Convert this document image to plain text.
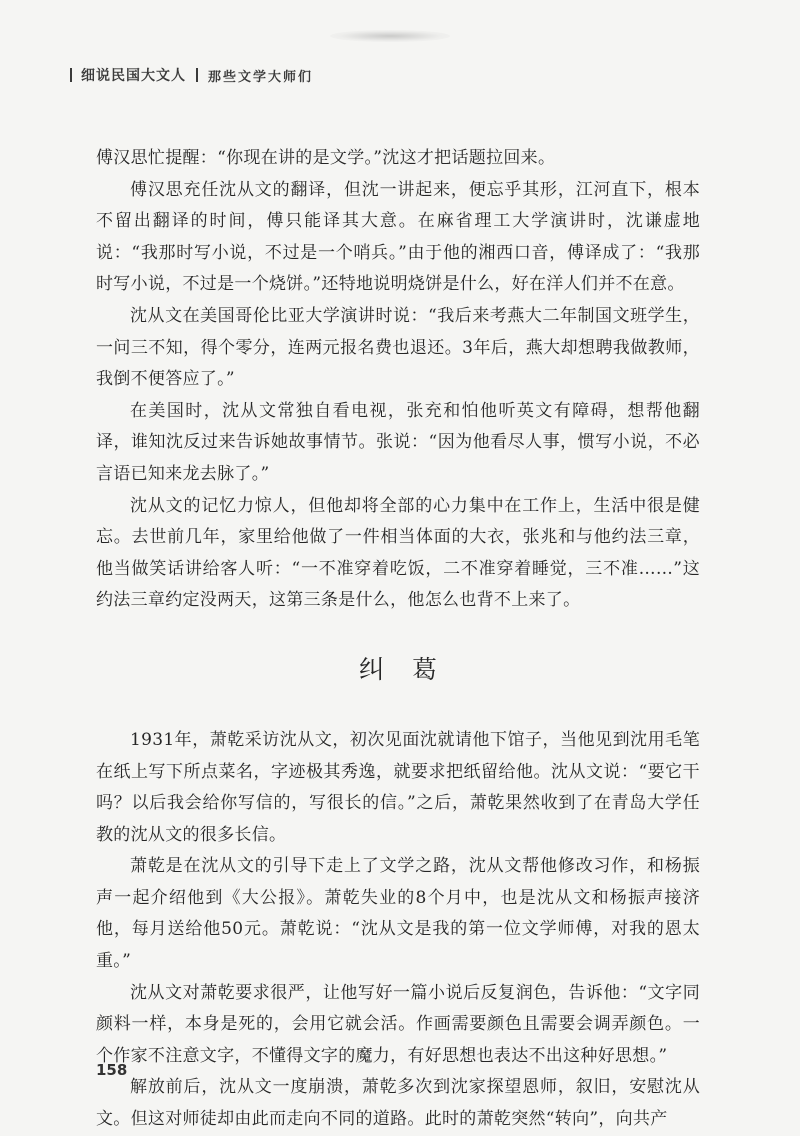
细说民国大文人 那些文学大师们

傅汉思忙提醒：“你现在讲的是文学。”沈这才把话题拉回来。

傅汉思充任沈从文的翻译，但沈一讲起来，便忘乎其形，江河直下，根本不留出翻译的时间，傅只能译其大意。在麻省理工大学演讲时，沈谦虚地说：“我那时写小说，不过是一个哨兵。”由于他的湘西口音，傅译成了：“我那时写小说，不过是一个烧饼。”还特地说明烧饼是什么，好在洋人们并不在意。

沈从文在美国哥伦比亚大学演讲时说：“我后来考燕大二年制国文班学生，一问三不知，得个零分，连两元报名费也退还。3年后，燕大却想聘我做教师，我倒不便答应了。”

在美国时，沈从文常独自看电视，张充和怕他听英文有障碍，想帮他翻译，谁知沈反过来告诉她故事情节。张说：“因为他看尽人事，惯写小说，不必言语已知来龙去脉了。”

沈从文的记忆力惊人，但他却将全部的心力集中在工作上，生活中很是健忘。去世前几年，家里给他做了一件相当体面的大衣，张兆和与他约法三章，他当做笑话讲给客人听：“一不准穿着吃饭，二不准穿着睡觉，三不准……”这约法三章约定没两天，这第三条是什么，他怎么也背不上来了。

纠葛

1931年，萧乾采访沈从文，初次见面沈就请他下馆子，当他见到沈用毛笔在纸上写下所点菜名，字迹极其秀逸，就要求把纸留给他。沈从文说：“要它干吗？以后我会给你写信的，写很长的信。”之后，萧乾果然收到了在青岛大学任教的沈从文的很多长信。

萧乾是在沈从文的引导下走上了文学之路，沈从文帮他修改习作，和杨振声一起介绍他到《大公报》。萧乾失业的8个月中，也是沈从文和杨振声接济他，每月送给他50元。萧乾说：“沈从文是我的第一位文学师傅，对我的恩太重。”

沈从文对萧乾要求很严，让他写好一篇小说后反复润色，告诉他：“文字同颜料一样，本身是死的，会用它就会活。作画需要颜色且需要会调弄颜色。一个作家不注意文字，不懂得文字的魔力，有好思想也表达不出这种好思想。”

解放前后，沈从文一度崩溃，萧乾多次到沈家探望恩师，叙旧，安慰沈从文。但这对师徒却由此而走向不同的道路。此时的萧乾突然“转向”，向共产

158
